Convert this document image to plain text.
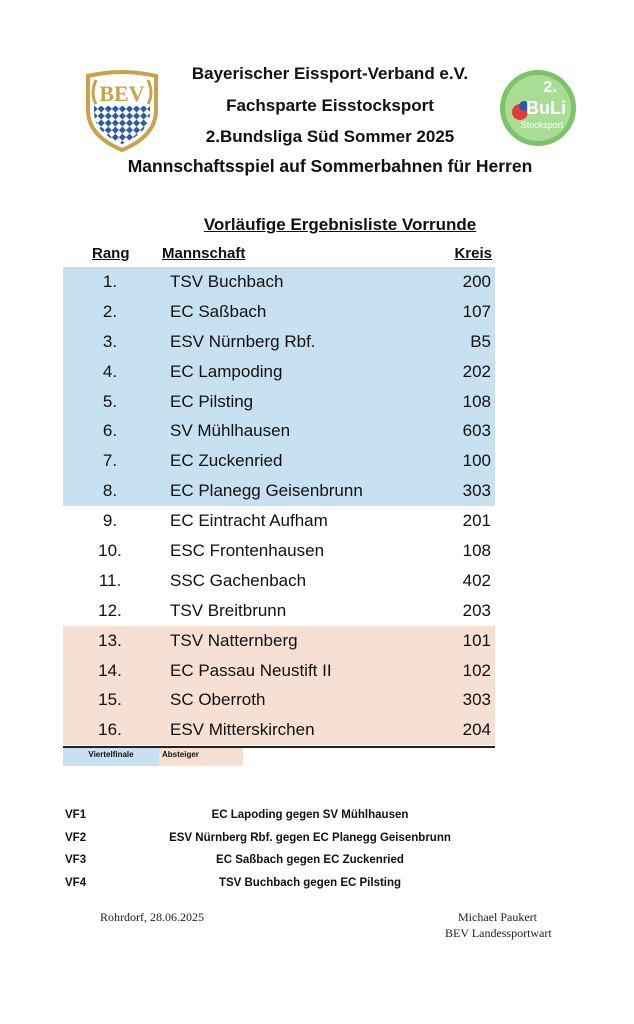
BEV	2.
BuLi
Stocksport
Bayerischer Eissport-Verband e.V.
Fachsparte Eisstocksport
2.Bundsliga Süd Sommer 2025
Mannschaftsspiel auf Sommerbahnen für Herren
Vorläufige Ergebnisliste Vorrunde
Rang Mannschaft	Kreis
1.	TSV Buchbach	200
2.	EC Saßbach	107
3.	ESV Nürnberg Rbf.	B5
4.	EC Lampoding	202
5.	EC Pilsting	108
6.	SV Mühlhausen	603
7.	EC Zuckenried	100
8.	EC Planegg Geisenbrunn	303
9.	EC Eintracht Aufham	201
10.	ESC Frontenhausen	108
11.	SSC Gachenbach	402
12.	TSV Breitbrunn	203
13.	TSV Natternberg	101
14.	EC Passau Neustift II	102
15.	SC Oberroth	303
16.	ESV Mitterskirchen	204
Viertelfinale	Absteiger
VF1	EC Lapoding gegen SV Mühlhausen
VF2	ESV Nürnberg Rbf. gegen EC Planegg Geisenbrunn
VF3	EC Saßbach gegen EC Zuckenried
VF4	TSV Buchbach gegen EC Pilsting
Rohrdorf, 28.06.2025	Michael Paukert
BEV Landessportwart
